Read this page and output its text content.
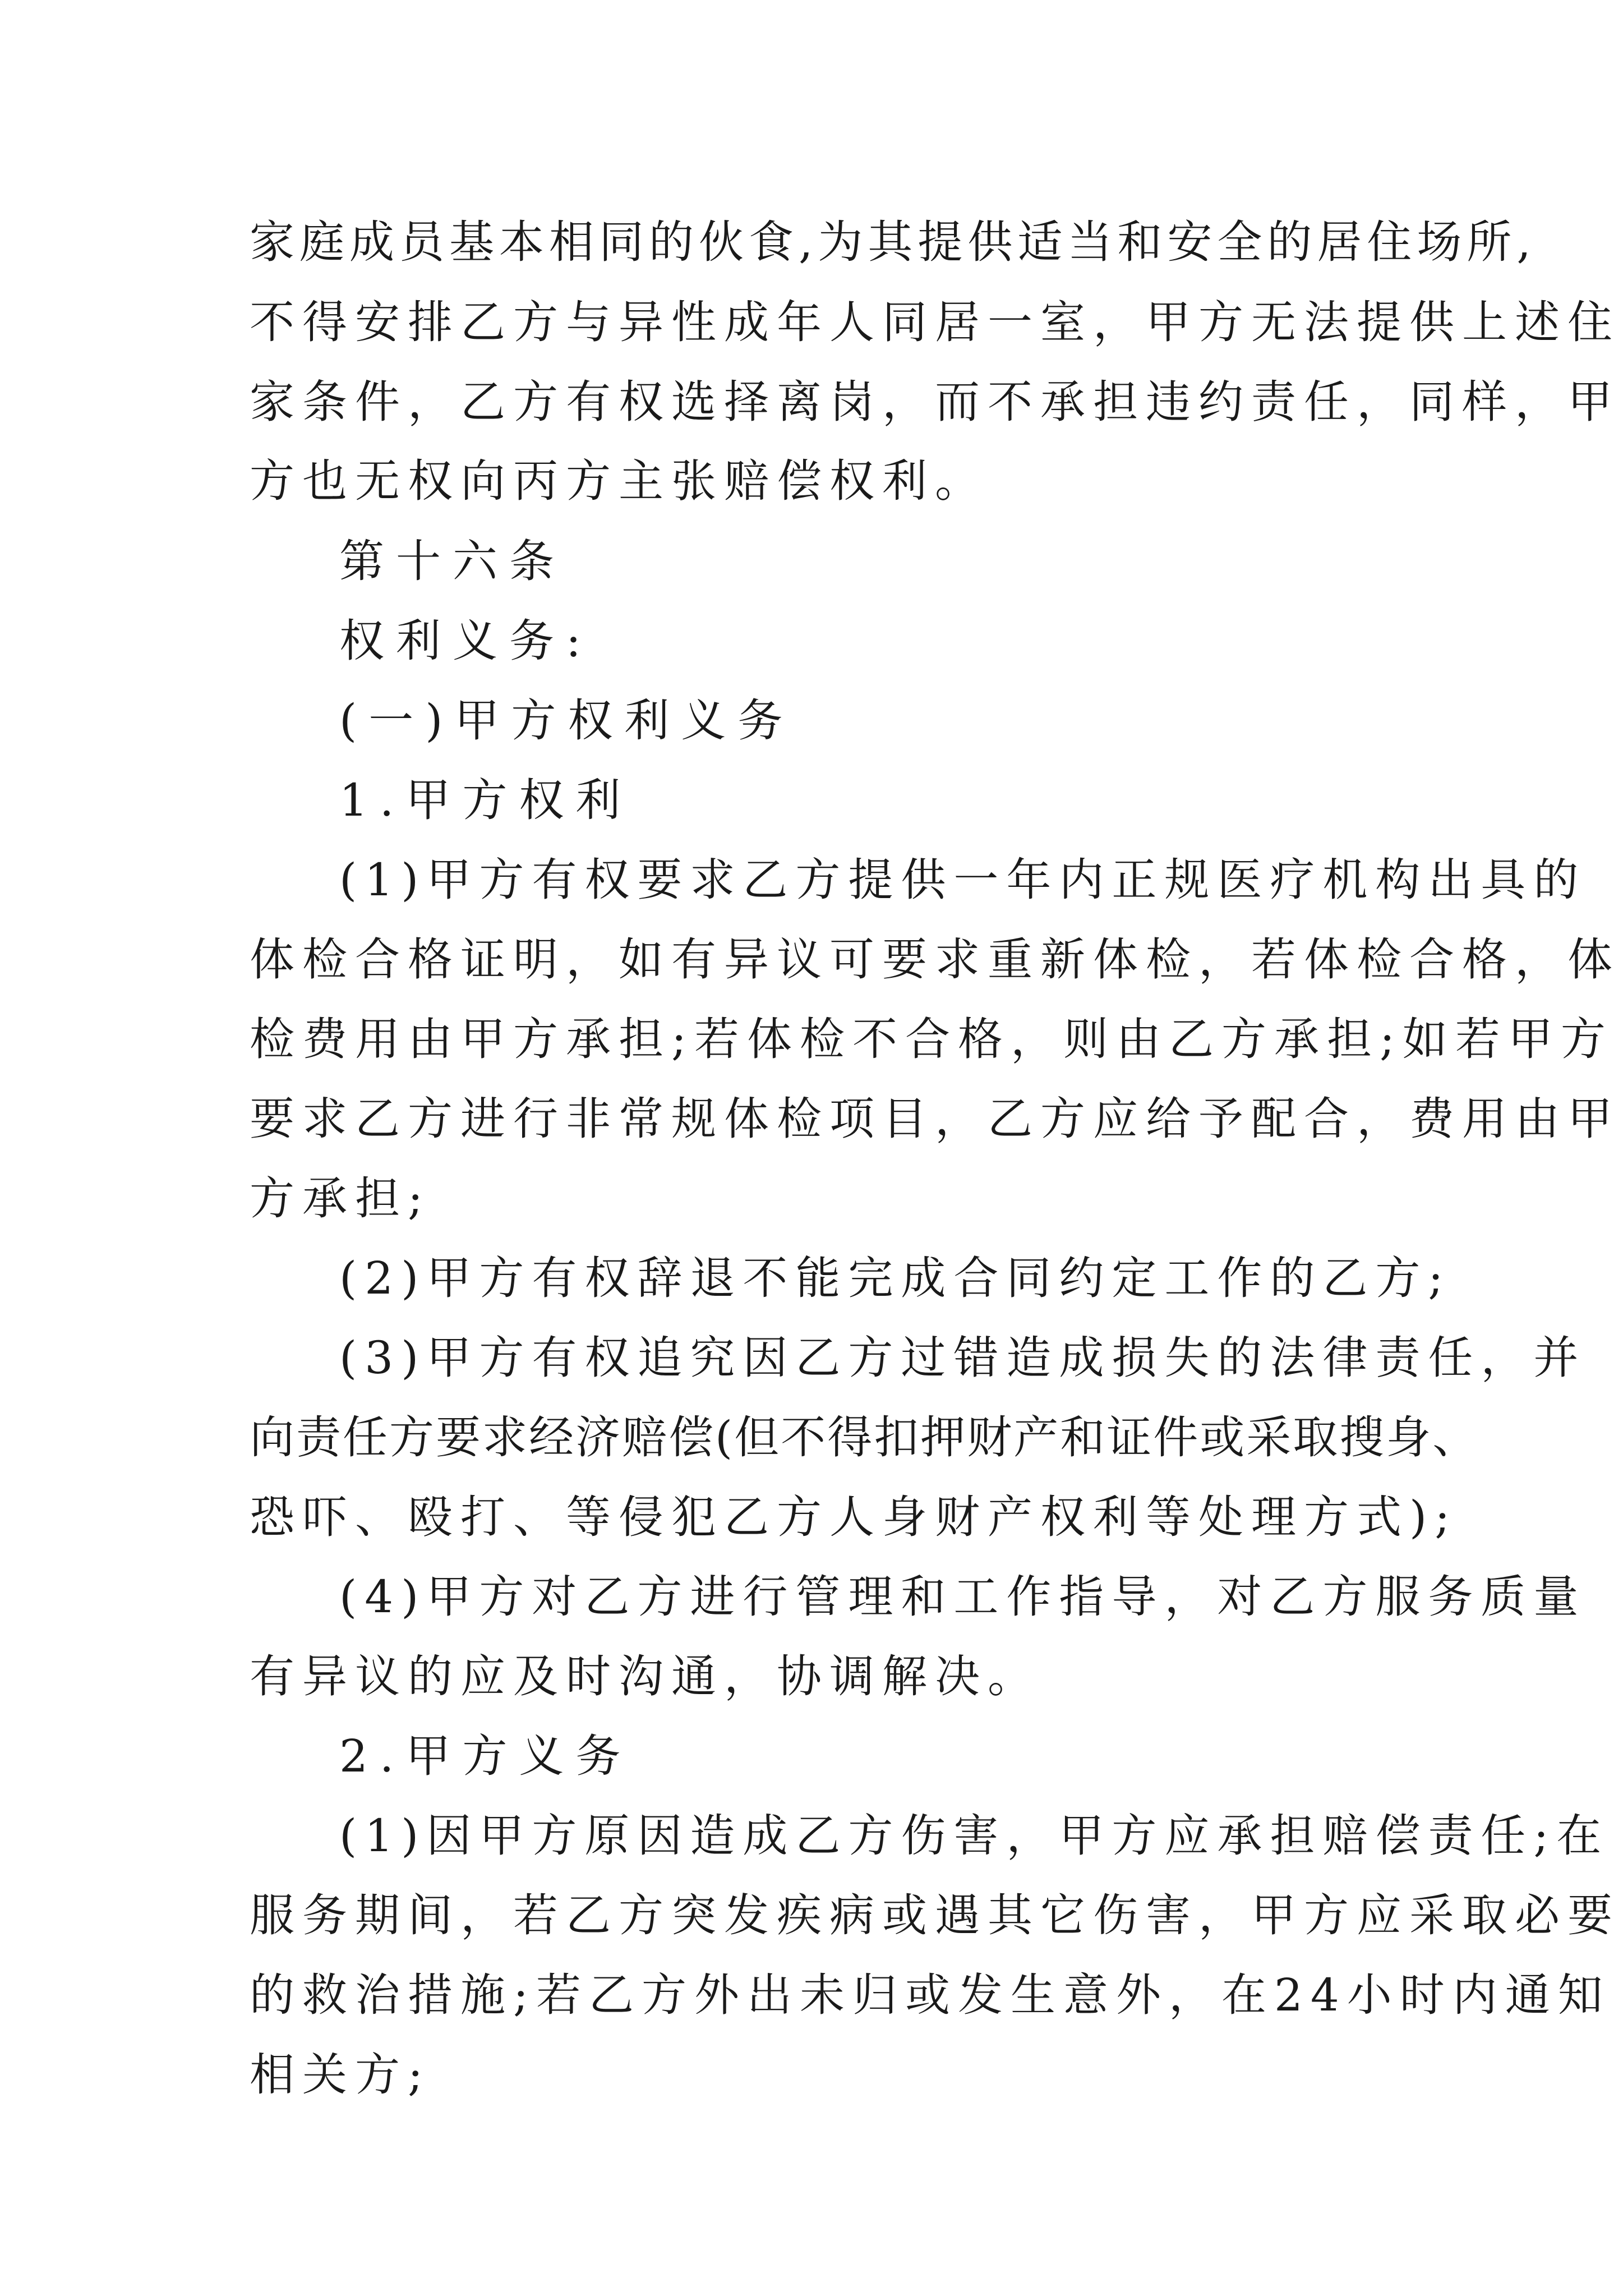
家庭成员基本相同的伙食,为其提供适当和安全的居住场所,
不得安排乙方与异性成年人同居一室，甲方无法提供上述住
家条件，乙方有权选择离岗，而不承担违约责任，同样，甲
方也无权向丙方主张赔偿权利。
第十六条
权利义务:
(一)甲方权利义务
1.甲方权利
(1)甲方有权要求乙方提供一年内正规医疗机构出具的
体检合格证明，如有异议可要求重新体检，若体检合格，体
检费用由甲方承担;若体检不合格，则由乙方承担;如若甲方
要求乙方进行非常规体检项目，乙方应给予配合，费用由甲
方承担;
(2)甲方有权辞退不能完成合同约定工作的乙方;
(3)甲方有权追究因乙方过错造成损失的法律责任，并
向责任方要求经济赔偿(但不得扣押财产和证件或采取搜身、
恐吓、殴打、等侵犯乙方人身财产权利等处理方式);
(4)甲方对乙方进行管理和工作指导，对乙方服务质量
有异议的应及时沟通，协调解决。
2.甲方义务
(1)因甲方原因造成乙方伤害，甲方应承担赔偿责任;在
服务期间，若乙方突发疾病或遇其它伤害，甲方应采取必要
的救治措施;若乙方外出未归或发生意外，在24小时内通知
相关方;
